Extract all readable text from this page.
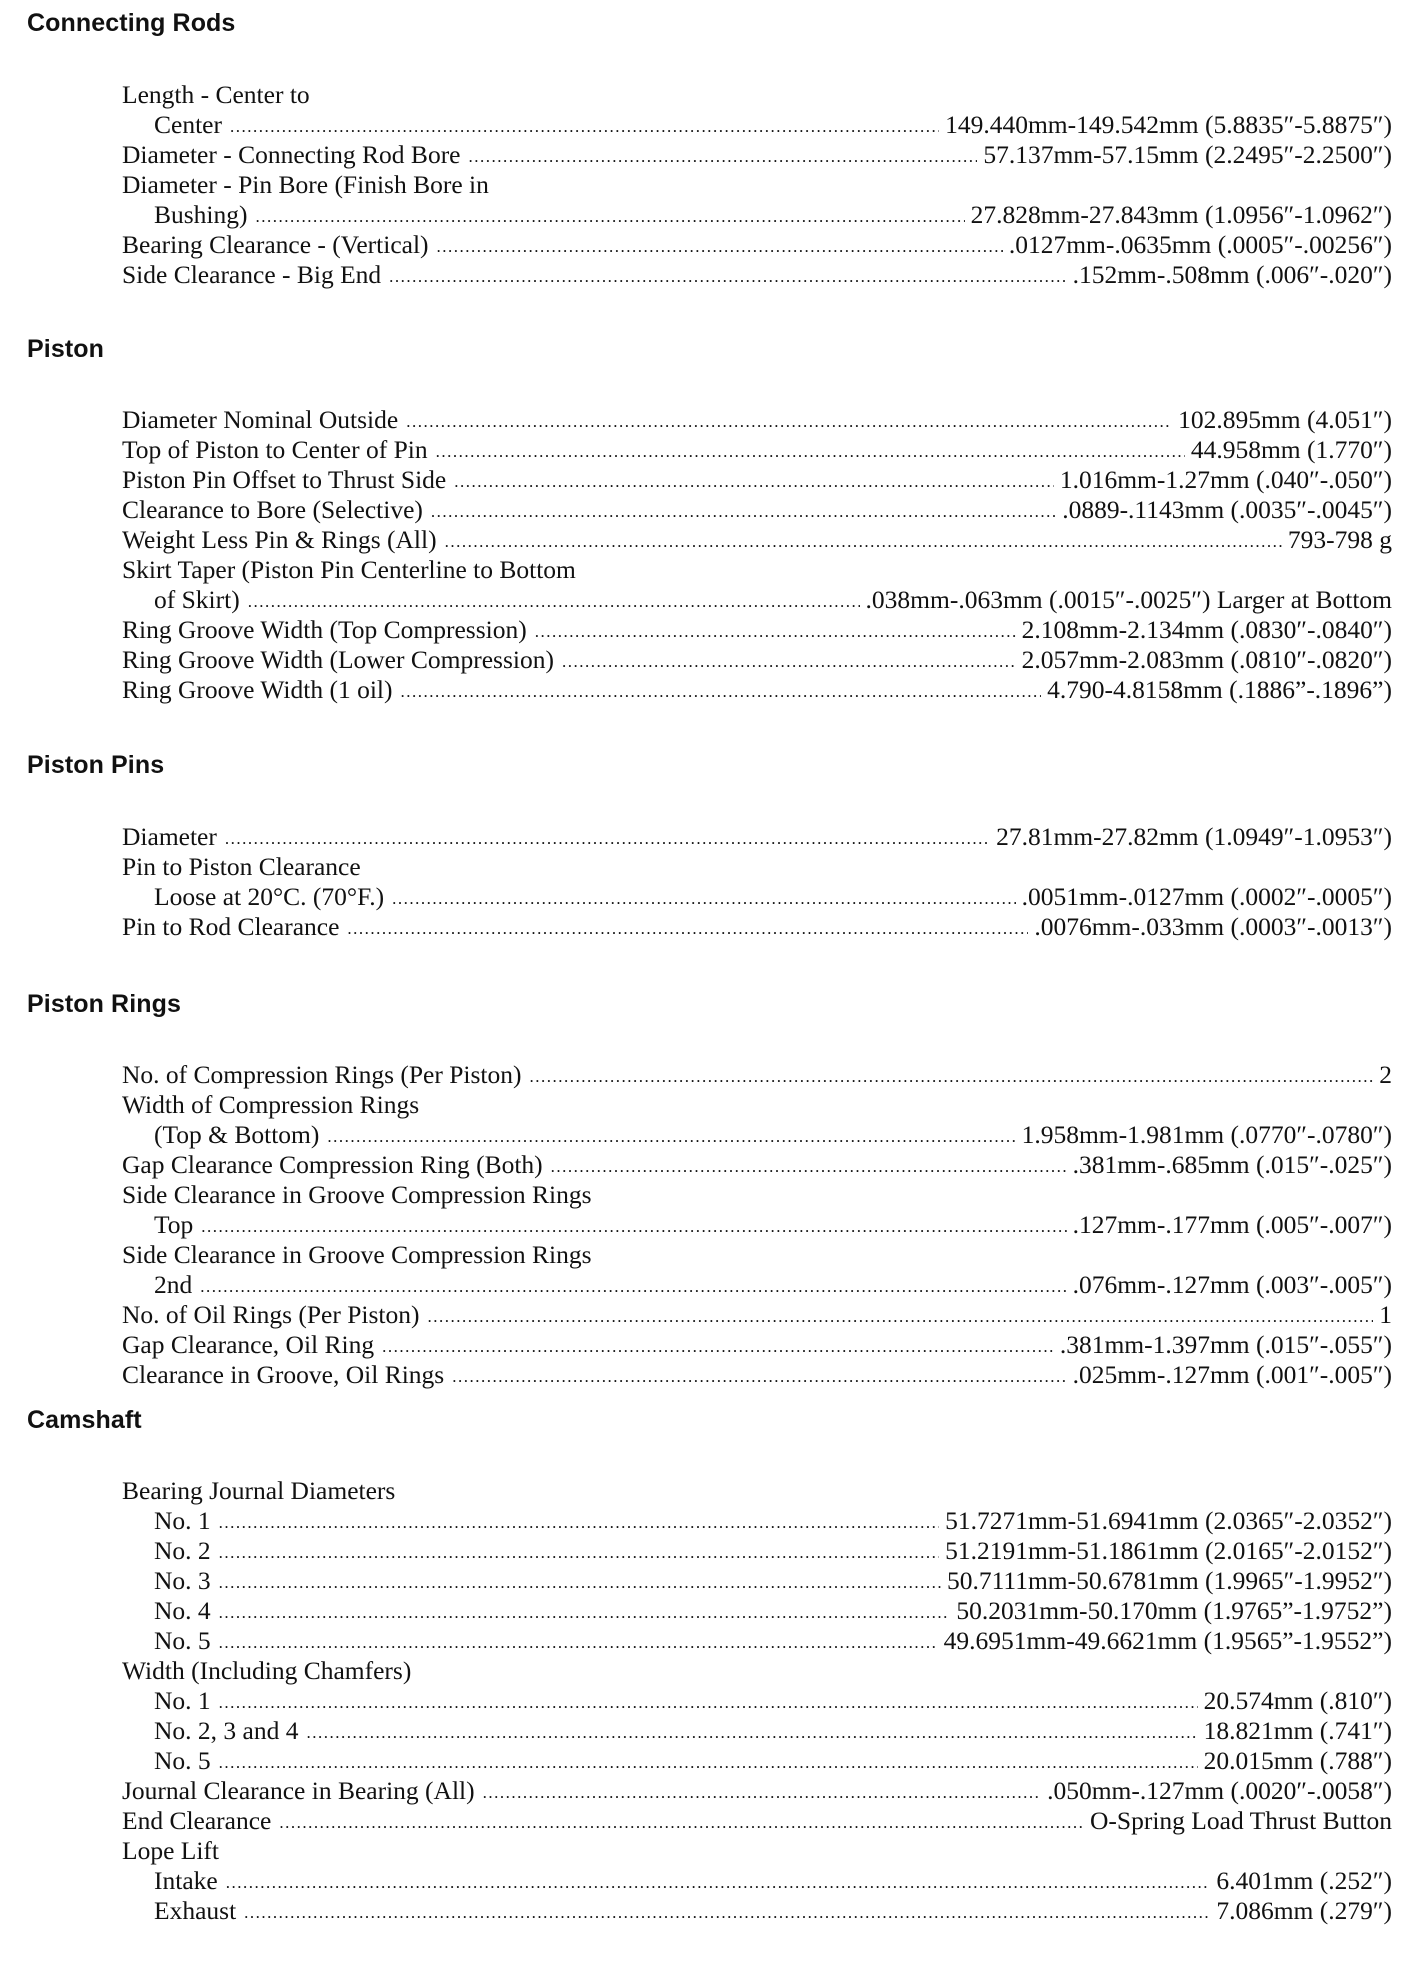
Connecting Rods
Length - Center to
Center .....	149.440mm-149.542mm (5.8835″-5.8875″)
Diameter - Connecting Rod Bore .....	57.137mm-57.15mm (2.2495″-2.2500″)
Diameter - Pin Bore (Finish Bore in
Bushing) .....	27.828mm-27.843mm (1.0956″-1.0962″)
Bearing Clearance - (Vertical) .....	.0127mm-.0635mm (.0005″-.00256″)
Side Clearance - Big End .....	.152mm-.508mm (.006″-.020″)
Piston
Diameter Nominal Outside .....	102.895mm (4.051″)
Top of Piston to Center of Pin .....	44.958mm (1.770″)
Piston Pin Offset to Thrust Side .....	1.016mm-1.27mm (.040″-.050″)
Clearance to Bore (Selective) .....	.0889-.1143mm (.0035″-.0045″)
Weight Less Pin & Rings (All) .....	793-798 g
Skirt Taper (Piston Pin Centerline to Bottom
of Skirt) .....	.038mm-.063mm (.0015″-.0025″) Larger at Bottom
Ring Groove Width (Top Compression) .....	2.108mm-2.134mm (.0830″-.0840″)
Ring Groove Width (Lower Compression) .....	2.057mm-2.083mm (.0810″-.0820″)
Ring Groove Width (1 oil) .....	4.790-4.8158mm (.1886”-.1896”)
Piston Pins
Diameter .....	27.81mm-27.82mm (1.0949″-1.0953″)
Pin to Piston Clearance
Loose at 20°C. (70°F.) .....	.0051mm-.0127mm (.0002″-.0005″)
Pin to Rod Clearance .....	.0076mm-.033mm (.0003″-.0013″)
Piston Rings
No. of Compression Rings (Per Piston) .....	2
Width of Compression Rings
(Top & Bottom) .....	1.958mm-1.981mm (.0770″-.0780″)
Gap Clearance Compression Ring (Both) .....	.381mm-.685mm (.015″-.025″)
Side Clearance in Groove Compression Rings
Top .....	.127mm-.177mm (.005″-.007″)
Side Clearance in Groove Compression Rings
2nd .....	.076mm-.127mm (.003″-.005″)
No. of Oil Rings (Per Piston) .....	1
Gap Clearance, Oil Ring .....	.381mm-1.397mm (.015″-.055″)
Clearance in Groove, Oil Rings .....	.025mm-.127mm (.001″-.005″)
Camshaft
Bearing Journal Diameters
No. 1 .....	51.7271mm-51.6941mm (2.0365″-2.0352″)
No. 2 .....	51.2191mm-51.1861mm (2.0165″-2.0152″)
No. 3 .....	50.7111mm-50.6781mm (1.9965″-1.9952″)
No. 4 .....	50.2031mm-50.170mm (1.9765”-1.9752”)
No. 5 .....	49.6951mm-49.6621mm (1.9565”-1.9552”)
Width (Including Chamfers)
No. 1 .....	20.574mm (.810″)
No. 2, 3 and 4 .....	18.821mm (.741″)
No. 5 .....	20.015mm (.788″)
Journal Clearance in Bearing (All) .....	.050mm-.127mm (.0020″-.0058″)
End Clearance .....	O-Spring Load Thrust Button
Lope Lift
Intake .....	6.401mm (.252″)
Exhaust .....	7.086mm (.279″)
